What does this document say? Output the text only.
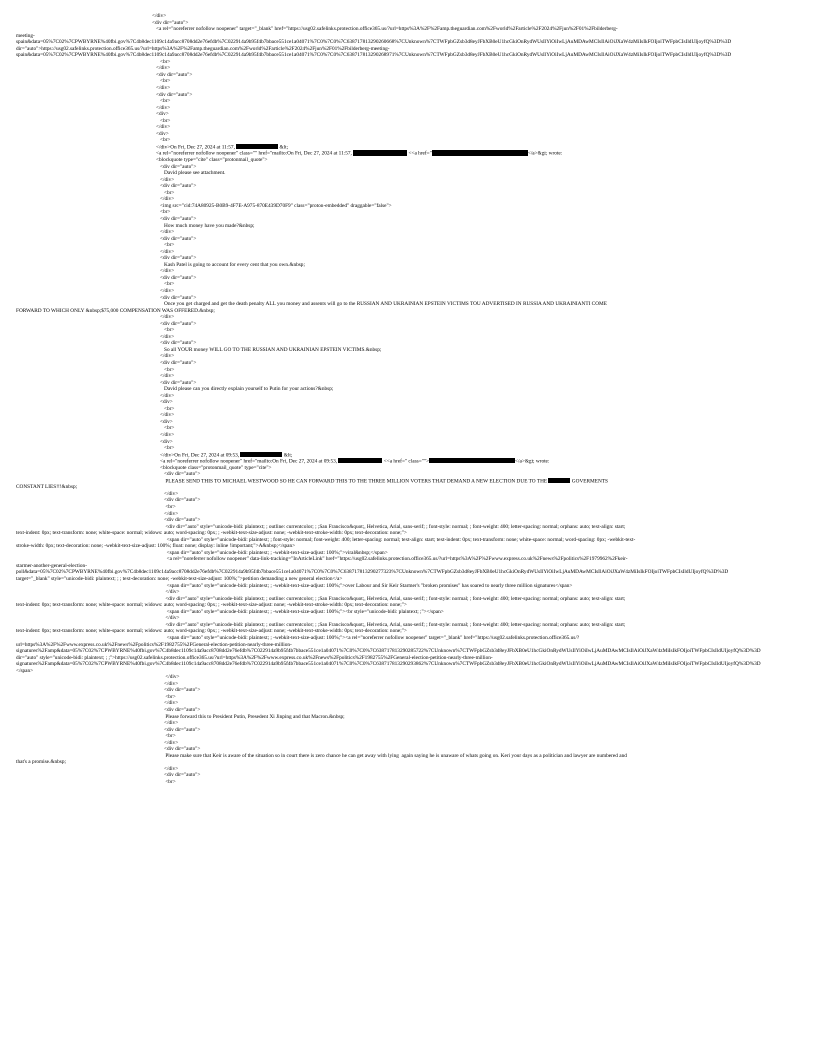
</div>
<div dir="auto">
<a rel="noreferrer nofollow noopener" target="_blank" href="https://usg02.safelinks.protection.office365.us/?url=https%3A%2F%2Famp.theguardian.com%2Fworld%2Farticle%2F2024%2Fjun%2F01%2Fbilderberg-
meeting-
spain&data=05%7C02%7CPWBYRNE%40fbi.gov%7C4b8dec1109c14a9acc8708dd2e76efdb%7C022914a9b95f4b7bbace551ce1a04071%7C0%7C0%7C638717813290260668%7CUnknown%7CTWFpbGZsb3d8eyJFbXB0eU1hcGkiOnRydWUsIlYiOiIwLjAuMDAwMCIsIlAiOiJXaW4zMiIsIkFOIjoiTWFpbCIsIldUIjoyfQ%3D%3D
dir="auto">https://usg02.safelinks.protection.office365.us/?url=https%3A%2F%2Famp.theguardian.com%2Fworld%2Farticle%2F2024%2Fjun%2F01%2Fbilderberg-meeting-
spain&data=05%7C02%7CPWBYRNE%40fbi.gov%7C4b8dec1109c14a9acc8708dd2e76efdb%7C022914a9b95f4b7bbace551ce1a04071%7C0%7C0%7C638717813290268971%7CUnknown%7CTWFpbGZsb3d8eyJFbXB0eU1hcGkiOnRydWUsIlYiOiIwLjAuMDAwMCIsIlAiOiJXaW4zMiIsIkFOIjoiTWFpbCIsIldUIjoyfQ%3D%3D
<br>
</div>
<div dir="auto">
<br>
</div>
<div dir="auto">
<br>
</div>
<div>
<br>
</div>
<div>
<br>
</div>On Fri, Dec 27, 2024 at 11:57,	&lt;
<a rel="noreferrer nofollow noopener" class="" href="mailto:On Fri, Dec 27, 2024 at 11:57,	<<a href="	</a>&gt; wrote:
<blockquote type="cite" class="protonmail_quote">
<div dir="auto">
David please see attachment.
</div>
<div dir="auto">
<br>
</div>
<img src="cid:74A80925-B0B9-4F7E-A975-870E439D70F9" class="proton-embedded" draggable="false">
<br>
<div dir="auto">
How much money have you made?&nbsp;
</div>
<div dir="auto">
<br>
</div>
<div dir="auto">
Kash Patel is going to account for every cent that you own.&nbsp;
</div>
<div dir="auto">
<br>
</div>
<div dir="auto">
Once you get charged and get the death penalty ALL you money and assents will go to the RUSSIAN AND UKRAINIAN EPSTEIN VICTIMS TOU ADVERTISED IN RUSSIA AND UKRAINIANTI COME
FORWARD TO WHICH ONLY &nbsp;$75,000 COMPENSATION WAS OFFERED.&nbsp;
</div>
<div dir="auto">
<br>
</div>
<div dir="auto">
So all YOUR money WILL GO TO THE RUSSIAN AND UKRAINIAN EPSTEIN VICTIMS.&nbsp;
</div>
<div dir="auto">
<br>
</div>
<div dir="auto">
David please can you directly explain yourself to Putin for your actions?&nbsp;
</div>
<div>
<br>
</div>
<div>
<br>
</div>
<div>
<br>
</div>On Fri, Dec 27, 2024 at 09:53,	&lt;
<a rel="noreferrer nofollow noopener" href="mailto:On Fri, Dec 27, 2024 at 09:53,	<<a href=" class="">	</a>&gt; wrote:
<blockquote class="protonmail_quote" type="cite">
<div dir="auto">
PLEASE SEND THIS TO MICHAEL WESTWOOD SO HE CAN FORWARD THIS TO THE THREE MILLION VOTERS THAT DEMAND A NEW ELECTION DUE TO THE	GOVERMENTS
CONSTANT LIES!!!&nbsp;
</div>
<div dir="auto">
<br>
</div>
<div dir="auto">
<div dir="auto" style="unicode-bidi: plaintext; ; outline: currentcolor; ; ;San Francisco&quot;, Helvetica, Arial, sans-serif; ; font-style: normal; ; font-weight: 400; letter-spacing: normal; orphans: auto; text-align: start;
text-indent: 0px; text-transform: none; white-space: normal; widows: auto; word-spacing: 0px; ; -webkit-text-size-adjust: none; -webkit-text-stroke-width: 0px; text-decoration: none;">
<span dir="auto" style="unicode-bidi: plaintext; ; font-style: normal; font-weight: 400; letter-spacing: normal; text-align: start; text-indent: 0px; text-transform: none; white-space: normal; word-spacing: 0px; -webkit-text-
stroke-width: 0px; text-decoration: none; -webkit-text-size-adjust: 100%; float: none; display: inline !important;">A&nbsp;</span>
<span dir="auto" style="unicode-bidi: plaintext; ; -webkit-text-size-adjust: 100%;">viral&nbsp;</span>
<a rel="noreferrer nofollow noopener" data-link-tracking="InArticleLink" href="https://usg02.safelinks.protection.office365.us/?url=https%3A%2F%2Fwww.express.co.uk%2Fnews%2Fpolitics%2F1979962%2Fkeir-
starmer-another-general-election-
poll&data=05%7C02%7CPWBYRNE%40fbi.gov%7C4b8dec1109c14a9acc8708dd2e76efdb%7C022914a9b95f4b7bbace551ce1a04071%7C0%7C0%7C638717813290277323%7CUnknown%7CTWFpbGZsb3d8eyJFbXB0eU1hcGkiOnRydWUsIlYiOiIwLjAuMDAwMCIsIlAiOiJXaW4zMiIsIkFOIjoiTWFpbCIsIldUIjoyfQ%3D%3D
target="_blank" style="unicode-bidi: plaintext; ; ; text-decoration: none; -webkit-text-size-adjust: 100%;">petition demanding a new general election</a>
<span dir="auto" style="unicode-bidi: plaintext; ; -webkit-text-size-adjust: 100%;">over Labour and Sir Keir Starmer's "broken promises" has soared to nearly three million signatures</span>
</div>
<div dir="auto" style="unicode-bidi: plaintext; ; outline: currentcolor; ; ;San Francisco&quot;, Helvetica, Arial, sans-serif; ; font-style: normal; ; font-weight: 400; letter-spacing: normal; orphans: auto; text-align: start;
text-indent: 0px; text-transform: none; white-space: normal; widows: auto; word-spacing: 0px; ; -webkit-text-size-adjust: none; -webkit-text-stroke-width: 0px; text-decoration: none;">
<span dir="auto" style="unicode-bidi: plaintext; ; -webkit-text-size-adjust: 100%;"><br style="unicode-bidi: plaintext; ;"></span>
</div>
<div dir="auto" style="unicode-bidi: plaintext; ; outline: currentcolor; ; ;San Francisco&quot;, Helvetica, Arial, sans-serif; ; font-style: normal; ; font-weight: 400; letter-spacing: normal; orphans: auto; text-align: start;
text-indent: 0px; text-transform: none; white-space: normal; widows: auto; word-spacing: 0px; ; -webkit-text-size-adjust: none; -webkit-text-stroke-width: 0px; text-decoration: none;">
<span dir="auto" style="unicode-bidi: plaintext; ; -webkit-text-size-adjust: 100%;"><a rel="noreferrer nofollow noopener" target="_blank" href="https://usg02.safelinks.protection.office365.us/?
url=https%3A%2F%2Fwww.express.co.uk%2Fnews%2Fpolitics%2F1982755%2FGeneral-election-petition-nearly-three-million-
signatures%2Famp&data=05%7C02%7CPWBYRNE%40fbi.gov%7C4b8dec1109c14a9acc8708dd2e76efdb%7C022914a9b95f4b7bbace551ce1a04071%7C0%7C0%7C638717813290285722%7CUnknown%7CTWFpbGZsb3d8eyJFbXB0eU1hcGkiOnRydWUsIlYiOiIwLjAuMDAwMCIsIlAiOiJXaW4zMiIsIkFOIjoiTWFpbCIsIldUIjoyfQ%3D%3D
dir="auto" style="unicode-bidi: plaintext; ; ;">https://usg02.safelinks.protection.office365.us/?url=https%3A%2F%2Fwww.express.co.uk%2Fnews%2Fpolitics%2F1982755%2FGeneral-election-petition-nearly-three-million-
signatures%2Famp&data=05%7C02%7CPWBYRNE%40fbi.gov%7C4b8dec1109c14a9acc8708dd2e76efdb%7C022914a9b95f4b7bbace551ce1a04071%7C0%7C0%7C638717813290293862%7CUnknown%7CTWFpbGZsb3d8eyJFbXB0eU1hcGkiOnRydWUsIlYiOiIwLjAuMDAwMCIsIlAiOiJXaW4zMiIsIkFOIjoiTWFpbCIsIldUIjoyfQ%3D%3D
</span>
</div>
</div>
<div dir="auto">
<br>
</div>
<div dir="auto">
Please forward this to President Putin, Presedent Xi Jinping and that Macron.&nbsp;
</div>
<div dir="auto">
<br>
</div>
<div dir="auto">
Please make sure that Keir is aware of the situation so in court there is zero chance he can get away with lying  again saying he is unaware of whats going on. Keri your days as a politician and lawyer are numbered and
that's a promise.&nbsp;
</div>
<div dir="auto">
<br>
